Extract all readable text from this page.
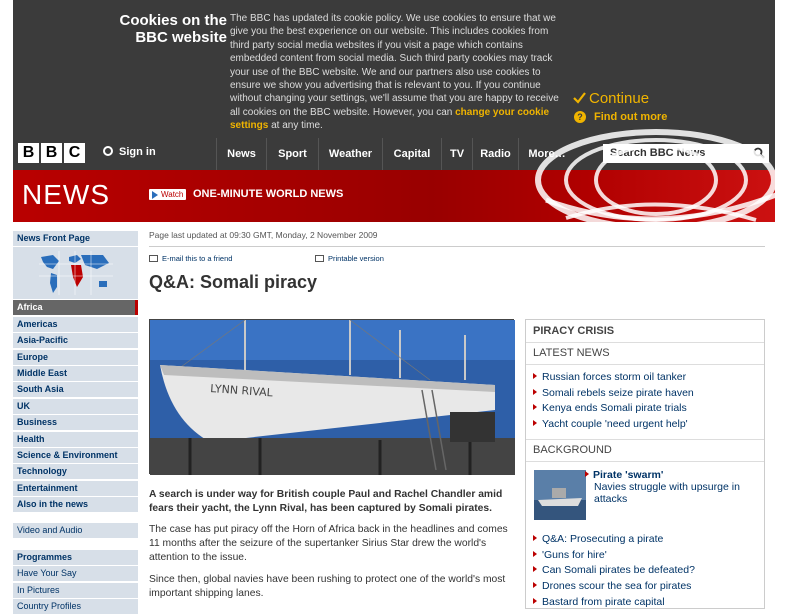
Cookies on the
BBC website
The BBC has updated its cookie policy. We use cookies to ensure that we give you the best experience on our website. This includes cookies from third party social media websites if you visit a page which contains embedded content from social media. Such third party cookies may track your use of the BBC website. We and our partners also use cookies to ensure we show you advertising that is relevant to you. If you continue without changing your settings, we'll assume that you are happy to receive all cookies on the BBC website. However, you can change your cookie settings at any time.
Continue
? Find out more
B B C	Sign in	News	Sport	Weather	Capital	TV	Radio	More…	Search BBC News
NEWS	Watch ONE-MINUTE WORLD NEWS
News Front Page
Africa
Americas
Asia-Pacific
Europe
Middle East
South Asia
UK
Business
Health
Science & Environment
Technology
Entertainment
Also in the news
Video and Audio
Programmes
Have Your Say
In Pictures
Country Profiles
Page last updated at 09:30 GMT, Monday, 2 November 2009
E-mail this to a friend	Printable version
Q&A: Somali piracy
LYNN RIVAL
A search is under way for British couple Paul and Rachel Chandler amid fears their yacht, the Lynn Rival, has been captured by Somali pirates.
The case has put piracy off the Horn of Africa back in the headlines and comes 11 months after the seizure of the supertanker Sirius Star drew the world's attention to the issue.
Since then, global navies have been rushing to protect one of the world's most important shipping lanes.
PIRACY CRISIS
LATEST NEWS
Russian forces storm oil tanker
Somali rebels seize pirate haven
Kenya ends Somali pirate trials
Yacht couple 'need urgent help'
BACKGROUND
Pirate 'swarm'
Navies struggle with upsurge in attacks
Q&A: Prosecuting a pirate
'Guns for hire'
Can Somali pirates be defeated?
Drones scour the sea for pirates
Bastard from pirate capital
